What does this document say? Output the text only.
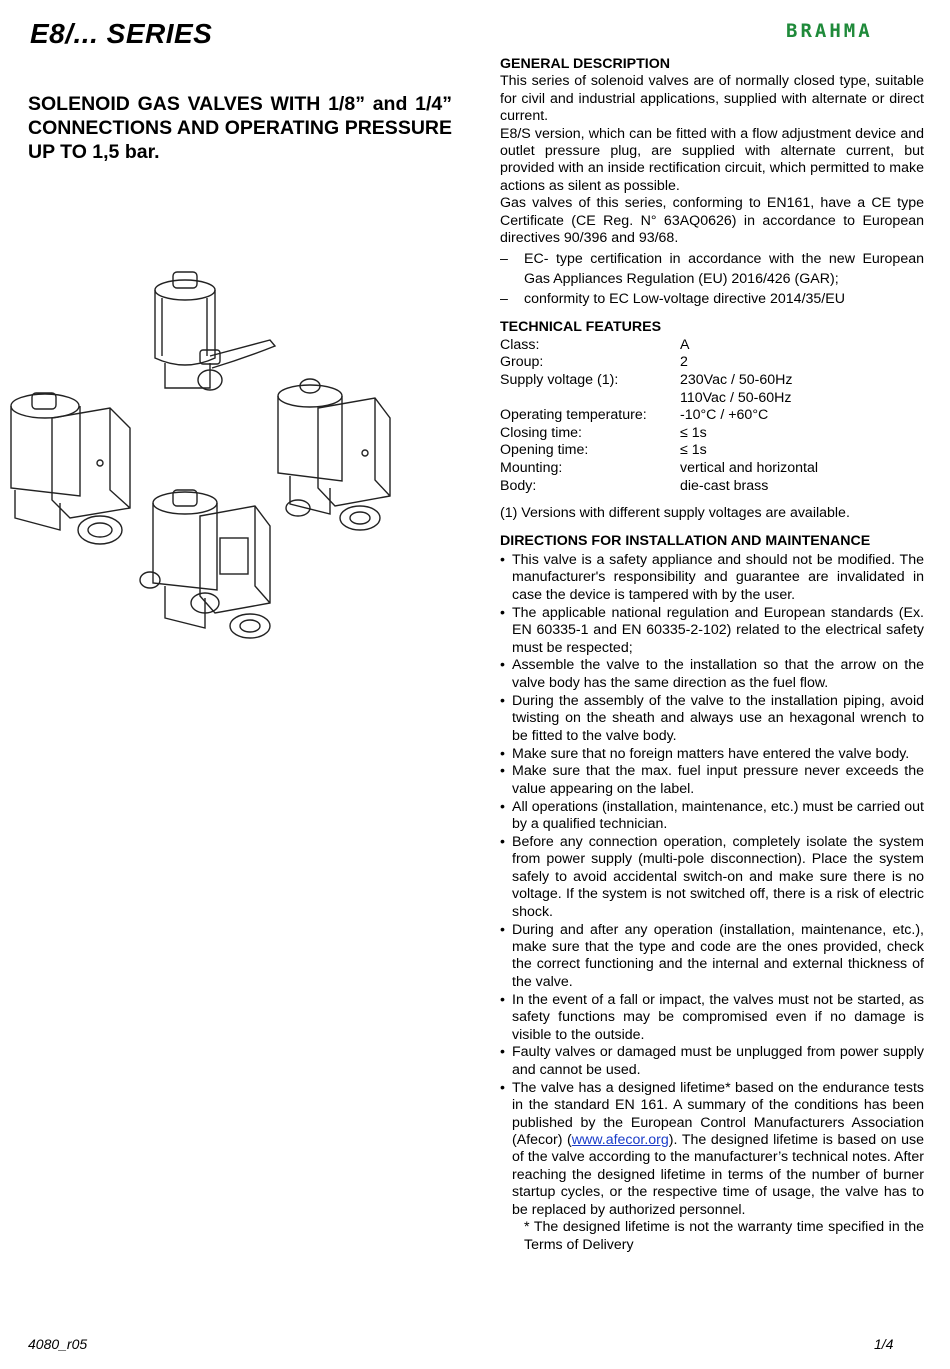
E8/... SERIES	BRAHMA
SOLENOID GAS VALVES WITH 1/8” and 1/4” CONNECTIONS AND OPERATING PRESSURE UP TO 1,5 bar.
GENERAL DESCRIPTION
This series of solenoid valves are of normally closed type, suitable for civil and industrial applications, supplied with alternate or direct current.
E8/S version, which can be fitted with a flow adjustment device and outlet pressure plug, are supplied with alternate current, but provided with an inside rectification circuit, which permitted to make actions as silent as possible.
Gas valves of this series, conforming to EN161, have a CE type Certificate (CE Reg. N° 63AQ0626) in accordance to European directives 90/396 and 93/68.
– EC- type certification in accordance with the new European Gas Appliances Regulation (EU) 2016/426 (GAR);
– conformity to EC Low-voltage directive 2014/35/EU
TECHNICAL FEATURES
Class:	A
Group:	2
Supply voltage (1):	230Vac / 50-60Hz
	110Vac / 50-60Hz
Operating temperature:	-10°C / +60°C
Closing time:	≤ 1s
Opening time:	≤ 1s
Mounting:	vertical and horizontal
Body:	die-cast brass
(1) Versions with different supply voltages are available.
DIRECTIONS FOR INSTALLATION AND MAINTENANCE
• This valve is a safety appliance and should not be modified. The manufacturer's responsibility and guarantee are invalidated in case the device is tampered with by the user.
• The applicable national regulation and European standards (Ex. EN 60335-1 and EN 60335-2-102) related to the electrical safety must be respected;
• Assemble the valve to the installation so that the arrow on the valve body has the same direction as the fuel flow.
• During the assembly of the valve to the installation piping, avoid twisting on the sheath and always use an hexagonal wrench to be fitted to the valve body.
• Make sure that no foreign matters have entered the valve body.
• Make sure that the max. fuel input pressure never exceeds the value appearing on the label.
• All operations (installation, maintenance, etc.) must be carried out by a qualified technician.
• Before any connection operation, completely isolate the system from power supply (multi-pole disconnection). Place the system safely to avoid accidental switch-on and make sure there is no voltage. If the system is not switched off, there is a risk of electric shock.
• During and after any operation (installation, maintenance, etc.), make sure that the type and code are the ones provided, check the correct functioning and the internal and external thickness of the valve.
• In the event of a fall or impact, the valves must not be started, as safety functions may be compromised even if no damage is visible to the outside.
• Faulty valves or damaged must be unplugged from power supply and cannot be used.
• The valve has a designed lifetime* based on the endurance tests in the standard EN 161. A summary of the conditions has been published by the European Control Manufacturers Association (Afecor) (www.afecor.org). The designed lifetime is based on use of the valve according to the manufacturer’s technical notes. After reaching the designed lifetime in terms of the number of burner startup cycles, or the respective time of usage, the valve has to be replaced by authorized personnel.
* The designed lifetime is not the warranty time specified in the Terms of Delivery
4080_r05	1/4
